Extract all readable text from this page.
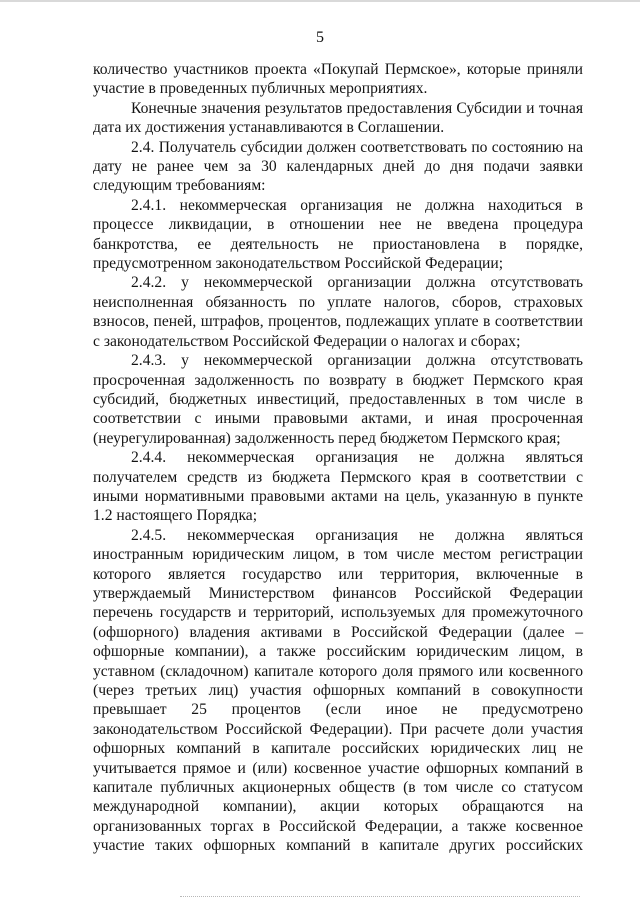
5

количество участников проекта «Покупай Пермское», которые приняли участие в проведенных публичных мероприятиях.

Конечные значения результатов предоставления Субсидии и точная дата их достижения устанавливаются в Соглашении.

2.4. Получатель субсидии должен соответствовать по состоянию на дату не ранее чем за 30 календарных дней до дня подачи заявки следующим требованиям:

2.4.1. некоммерческая организация не должна находиться в процессе ликвидации, в отношении нее не введена процедура банкротства, ее деятельность не приостановлена в порядке, предусмотренном законодательством Российской Федерации;

2.4.2. у некоммерческой организации должна отсутствовать неисполненная обязанность по уплате налогов, сборов, страховых взносов, пеней, штрафов, процентов, подлежащих уплате в соответствии с законодательством Российской Федерации о налогах и сборах;

2.4.3. у некоммерческой организации должна отсутствовать просроченная задолженность по возврату в бюджет Пермского края субсидий, бюджетных инвестиций, предоставленных в том числе в соответствии с иными правовыми актами, и иная просроченная (неурегулированная) задолженность перед бюджетом Пермского края;

2.4.4. некоммерческая организация не должна являться получателем средств из бюджета Пермского края в соответствии с иными нормативными правовыми актами на цель, указанную в пункте 1.2 настоящего Порядка;

2.4.5. некоммерческая организация не должна являться иностранным юридическим лицом, в том числе местом регистрации которого является государство или территория, включенные в утверждаемый Министерством финансов Российской Федерации перечень государств и территорий, используемых для промежуточного (офшорного) владения активами в Российской Федерации (далее – офшорные компании), а также российским юридическим лицом, в уставном (складочном) капитале которого доля прямого или косвенного (через третьих лиц) участия офшорных компаний в совокупности превышает 25 процентов (если иное не предусмотрено законодательством Российской Федерации). При расчете доли участия офшорных компаний в капитале российских юридических лиц не учитывается прямое и (или) косвенное участие офшорных компаний в капитале публичных акционерных обществ (в том числе со статусом международной компании), акции которых обращаются на организованных торгах в Российской Федерации, а также косвенное участие таких офшорных компаний в капитале других российских
